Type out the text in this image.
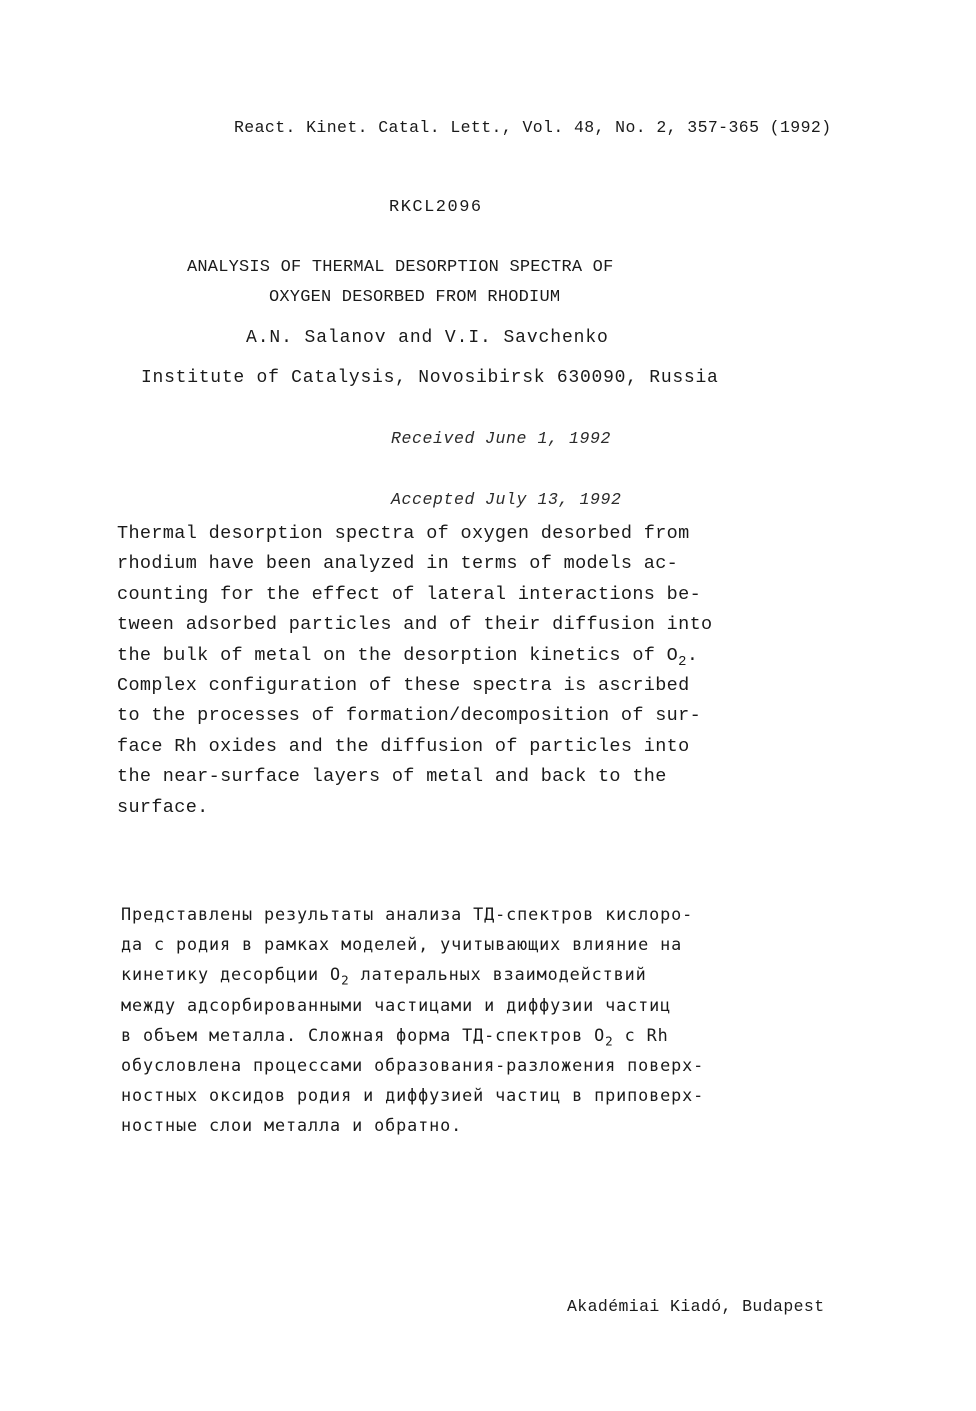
React. Kinet. Catal. Lett., Vol. 48, No. 2, 357-365 (1992)
RKCL2096
ANALYSIS OF THERMAL DESORPTION SPECTRA OF
OXYGEN DESORBED FROM RHODIUM
A.N. Salanov and V.I. Savchenko
Institute of Catalysis, Novosibirsk 630090, Russia

Received June 1, 1992

Accepted July 13, 1992

Thermal desorption spectra of oxygen desorbed from
rhodium have been analyzed in terms of models ac-
counting for the effect of lateral interactions be-
tween adsorbed particles and of their diffusion into
the bulk of metal on the desorption kinetics of $O_2$.
Complex configuration of these spectra is ascribed
to the processes of formation/decomposition of sur-
face Rh oxides and the diffusion of particles into
the near-surface layers of metal and back to the
surface.
Представлены результаты анализа ТД-спектров кислоро-
да с родия в рамках моделей, учитывающих влияние на
кинетику десорбции $O_2$ латеральных взаимодействий
между адсорбированными частицами и диффузии частиц
в объем металла. Сложная форма ТД-спектров $O_2$ с Rh
обусловлена процессами образования-разложения поверх-
ностных оксидов родия и диффузией частиц в приповерх-
ностные слои металла и обратно.
Akadémiai Kiadó, Budapest
